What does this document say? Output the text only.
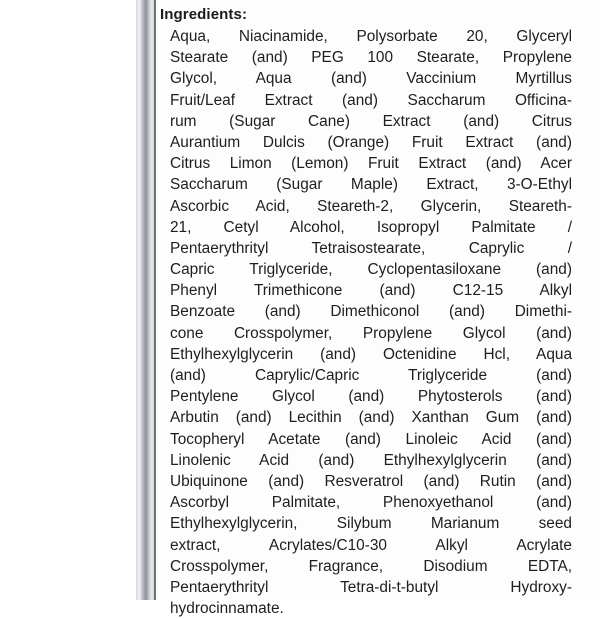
Ingredients:
Aqua, Niacinamide, Polysorbate 20, Glyceryl
Stearate (and) PEG 100 Stearate, Propylene
Glycol, Aqua (and) Vaccinium Myrtillus
Fruit/Leaf Extract (and) Saccharum Officina-
rum (Sugar Cane) Extract (and) Citrus
Aurantium Dulcis (Orange) Fruit Extract (and)
Citrus Limon (Lemon) Fruit Extract (and) Acer
Saccharum (Sugar Maple) Extract, 3-O-Ethyl
Ascorbic Acid, Steareth-2, Glycerin, Steareth-
21, Cetyl Alcohol, Isopropyl Palmitate /
Pentaerythrityl Tetraisostearate, Caprylic /
Capric Triglyceride, Cyclopentasiloxane (and)
Phenyl Trimethicone (and) C12-15 Alkyl
Benzoate (and) Dimethiconol (and) Dimethi-
cone Crosspolymer, Propylene Glycol (and)
Ethylhexylglycerin (and) Octenidine Hcl, Aqua
(and) Caprylic/Capric Triglyceride (and)
Pentylene Glycol (and) Phytosterols (and)
Arbutin (and) Lecithin (and) Xanthan Gum (and)
Tocopheryl Acetate (and) Linoleic Acid (and)
Linolenic Acid (and) Ethylhexylglycerin (and)
Ubiquinone (and) Resveratrol (and) Rutin (and)
Ascorbyl Palmitate, Phenoxyethanol (and)
Ethylhexylglycerin, Silybum Marianum seed
extract, Acrylates/C10-30 Alkyl Acrylate
Crosspolymer, Fragrance, Disodium EDTA,
Pentaerythrityl Tetra-di-t-butyl Hydroxy-
hydrocinnamate.
